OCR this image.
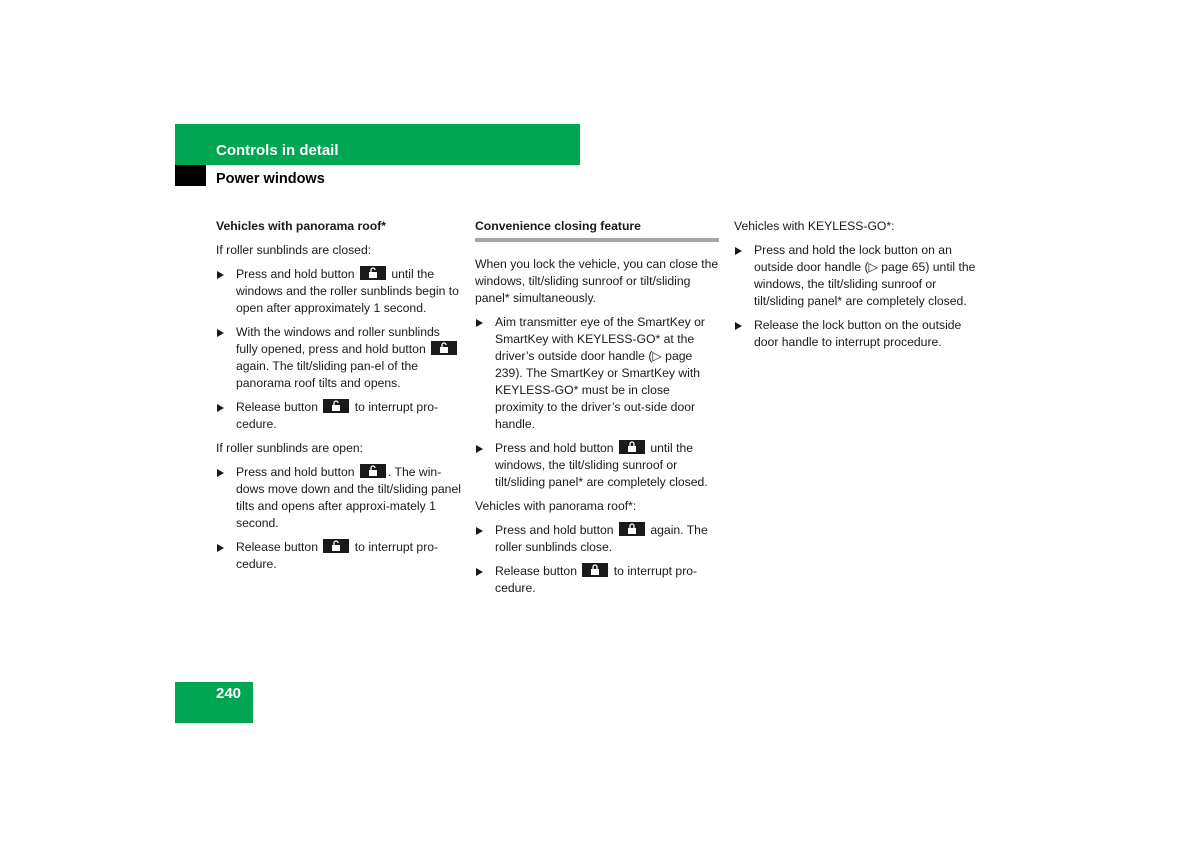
Controls in detail
Power windows
Vehicles with panorama roof*
If roller sunblinds are closed:
Press and hold button	until the windows and the roller sunblinds begin to open after approximately 1 second.
With the windows and roller sunblinds fully opened, press and hold button
again. The tilt/sliding pan-el of the panorama roof tilts and opens.
Release button	to interrupt pro-cedure.
If roller sunblinds are open:
Press and hold button	. The win-dows move down and the tilt/sliding panel tilts and opens after approxi-mately 1 second.
Release button	to interrupt pro-cedure.
Convenience closing feature
When you lock the vehicle, you can close the windows, tilt/sliding sunroof or tilt/sliding panel* simultaneously.
Aim transmitter eye of the SmartKey or SmartKey with KEYLESS-GO* at the driver’s outside door handle (▷ page 239). The SmartKey or SmartKey with KEYLESS-GO* must be in close proximity to the driver’s out-side door handle.
Press and hold button	until the windows, the tilt/sliding sunroof or tilt/sliding panel* are completely closed.
Vehicles with panorama roof*:
Press and hold button	again. The roller sunblinds close.
Release button	to interrupt pro-cedure.
Vehicles with KEYLESS-GO*:
Press and hold the lock button on an outside door handle (▷ page 65) until the windows, the tilt/sliding sunroof or tilt/sliding panel* are completely closed.
Release the lock button on the outside door handle to interrupt procedure.
240
